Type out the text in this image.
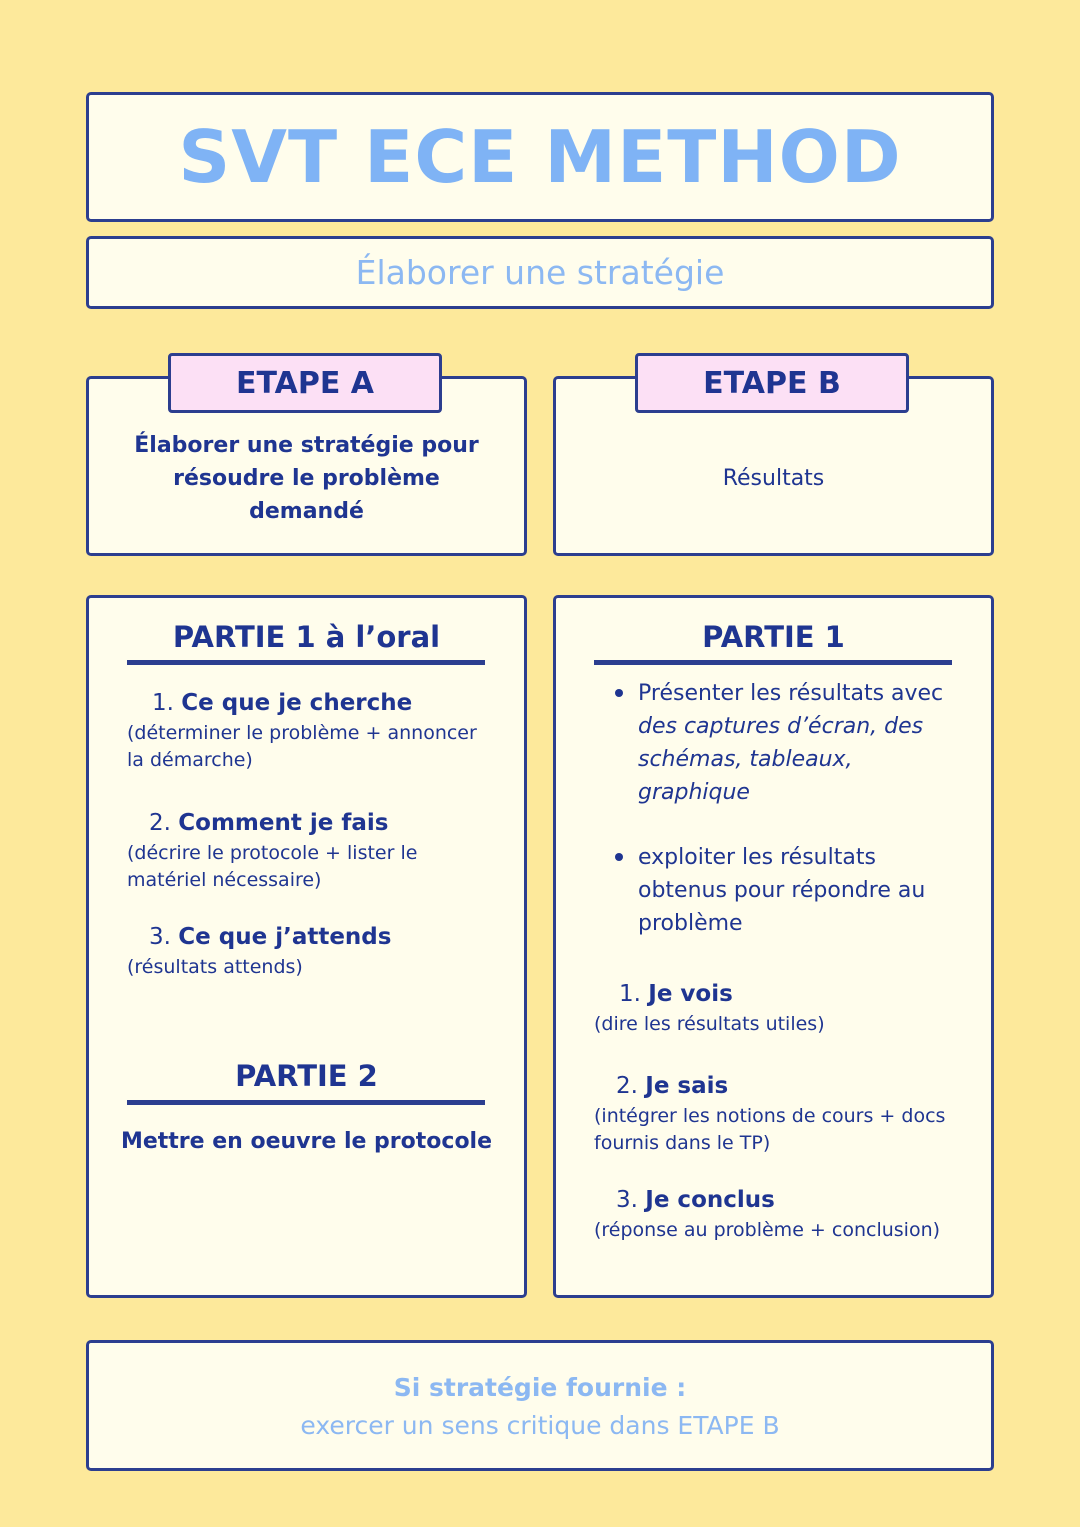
SVT ECE METHOD
Élaborer une stratégie
Élaborer une stratégie pour
résoudre le problème
demandé
ETAPE A
Résultats
ETAPE B
PARTIE 1 à l’oral
1. Ce que je cherche
(déterminer le problème + annoncer
la démarche)
2. Comment je fais
(décrire le protocole + lister le
matériel nécessaire)
3. Ce que j’attends
(résultats attends)
PARTIE 2
Mettre en oeuvre le protocole
PARTIE 1
Présenter les résultats avec
des captures d’écran, des
schémas, tableaux,
graphique
exploiter les résultats
obtenus pour répondre au
problème
1. Je vois
(dire les résultats utiles)
2. Je sais
(intégrer les notions de cours + docs
fournis dans le TP)
3. Je conclus
(réponse au problème + conclusion)
Si stratégie fournie :
exercer un sens critique dans ETAPE B
